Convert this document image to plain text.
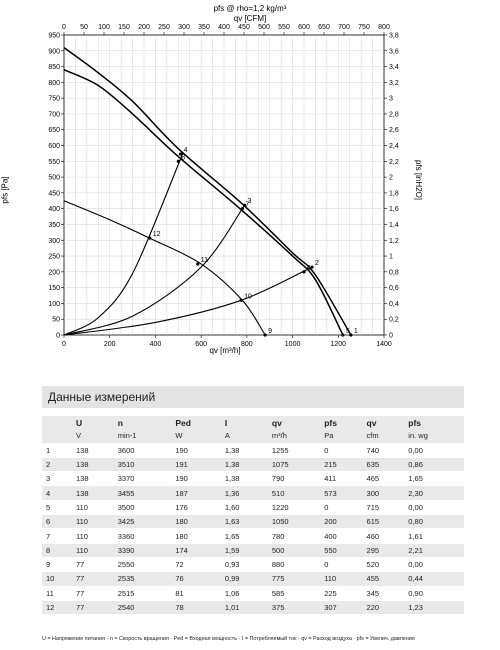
0	200	400	600	800	1000	1200	1400
0
50
100
150
200
250
300
350
400
450
500
550
600
650
700
750
800
850
900
950
0 50 100 150 200 250 300 350 400 450 500 550 600 650 700 750 800
0
0,2
0,4
0,6
0,8
1
1,2
1,4
1,6
1,8
2
2,2
2,4
2,6
2,8
3
3,2
3,4
3,6
3,8
1
2
3
4
5
6
7
8
9
10
11
12
pfs @ rho=1,2 kg/m³
qv [CFM]
qv [m³/h]
pfs [Pa]	pfs [inH2O]
Данные измерений
	U	n	Ped	I	qv	pfs	qv	pfs
	V	min-1	W	A	m³/h	Pa	cfm	in. wg
1	138	3600	190	1,38	1255	0	740	0,00
2	138	3510	191	1,38	1075	215	635	0,86
3	138	3370	190	1,38	790	411	465	1,65
4	138	3455	187	1,36	510	573	300	2,30
5	110	3500	176	1,60	1220	0	715	0,00
6	110	3425	180	1,63	1050	200	615	0,80
7	110	3360	180	1,65	780	400	460	1,61
8	110	3390	174	1,59	500	550	295	2,21
9	77	2550	72	0,93	880	0	520	0,00
10	77	2535	76	0,99	775	110	455	0,44
11	77	2515	81	1,06	585	225	345	0,90
12	77	2540	78	1,01	375	307	220	1,23
U = Напряжение питания · n = Скорость вращения · Ped = Входная мощность · I = Потребляемый ток · qv = Расход воздуха · pfs = Увелич. давления
